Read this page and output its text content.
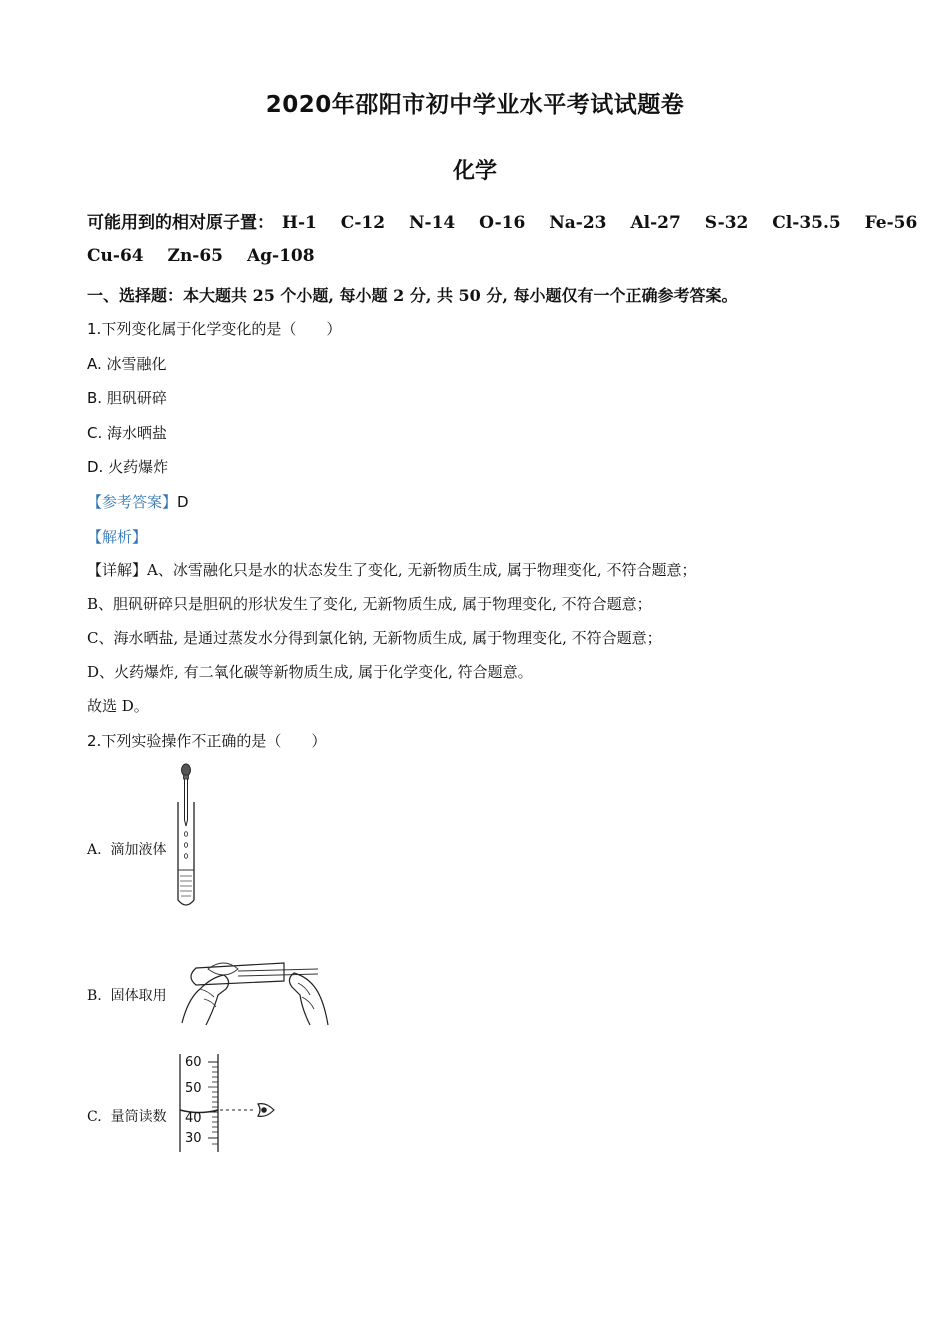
2020年邵阳市初中学业水平考试试题卷
化学
可能用到的相对原子置： H-1 C-12 N-14 O-16 Na-23 Al-27 S-32 Cl-35.5 Fe-56
Cu-64 Zn-65 Ag-108
一、选择题：本大题共 25 个小题, 每小题 2 分, 共 50 分, 每小题仅有一个正确参考答案。
1.下列变化属于化学变化的是（　　）
A. 冰雪融化
B. 胆矾研碎
C. 海水晒盐
D. 火药爆炸
【参考答案】D
【解析】
【详解】A、冰雪融化只是水的状态发生了变化, 无新物质生成, 属于物理变化, 不符合题意；
B、胆矾研碎只是胆矾的形状发生了变化, 无新物质生成, 属于物理变化, 不符合题意；
C、海水晒盐, 是通过蒸发水分得到氯化钠, 无新物质生成, 属于物理变化, 不符合题意；
D、火药爆炸, 有二氧化碳等新物质生成, 属于化学变化, 符合题意。
故选 D。
2.下列实验操作不正确的是（　　）
A. 滴加液体
B. 固体取用
C. 量筒读数
60
50
40
30
